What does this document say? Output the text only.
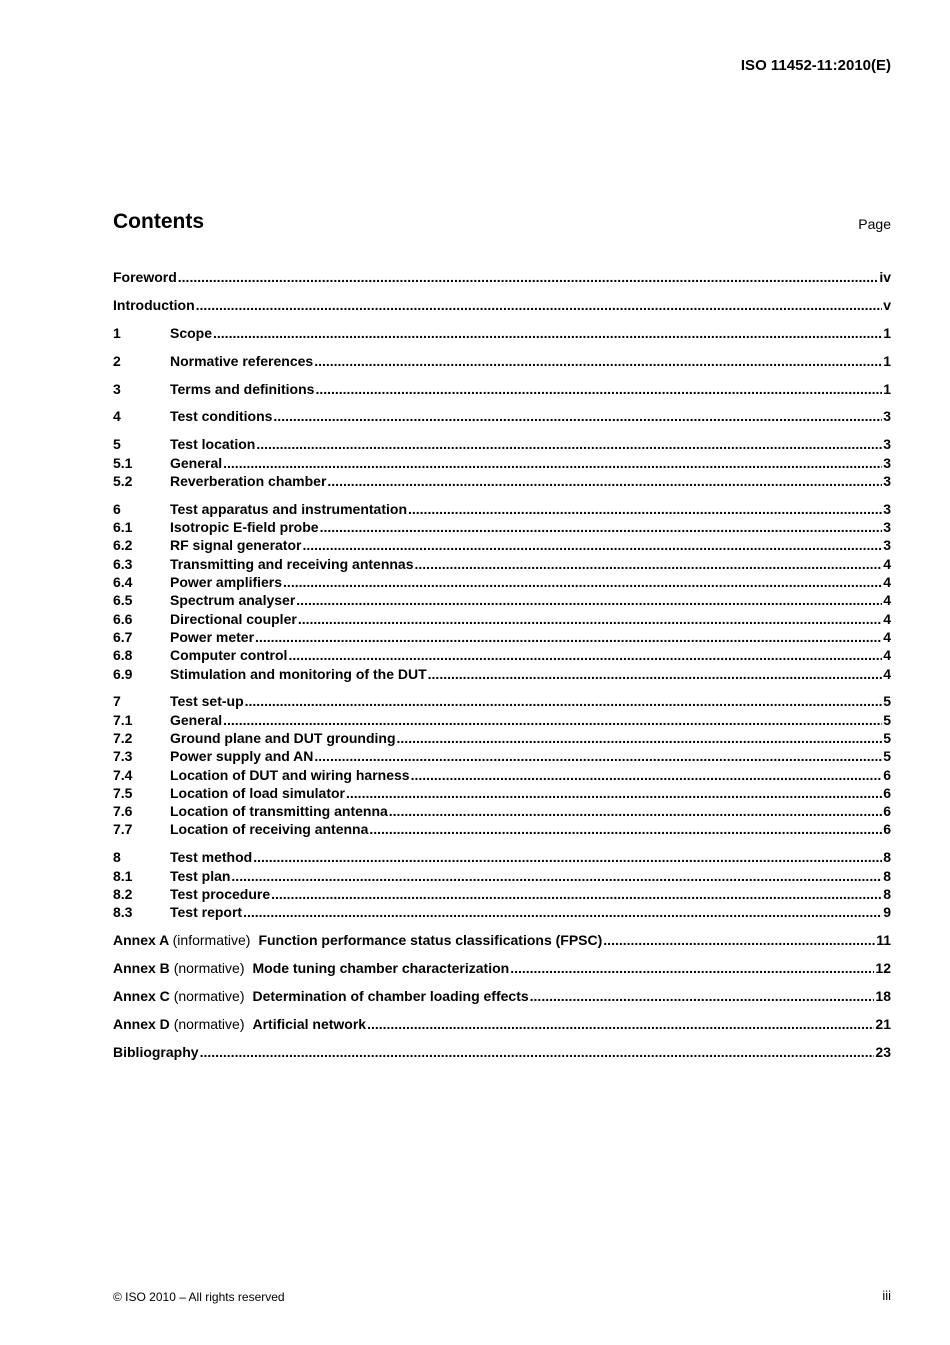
ISO 11452-11:2010(E)
Contents	Page
Foreword .....	iv
Introduction .....	v
1	Scope .....	1
2	Normative references .....	1
3	Terms and definitions .....	1
4	Test conditions .....	3
5	Test location .....	3
5.1	General .....	3
5.2	Reverberation chamber .....	3
6	Test apparatus and instrumentation .....	3
6.1	Isotropic E-field probe .....	3
6.2	RF signal generator .....	3
6.3	Transmitting and receiving antennas .....	4
6.4	Power amplifiers .....	4
6.5	Spectrum analyser .....	4
6.6	Directional coupler .....	4
6.7	Power meter .....	4
6.8	Computer control .....	4
6.9	Stimulation and monitoring of the DUT .....	4
7	Test set-up .....	5
7.1	General .....	5
7.2	Ground plane and DUT grounding .....	5
7.3	Power supply and AN .....	5
7.4	Location of DUT and wiring harness .....	6
7.5	Location of load simulator .....	6
7.6	Location of transmitting antenna .....	6
7.7	Location of receiving antenna .....	6
8	Test method .....	8
8.1	Test plan .....	8
8.2	Test procedure .....	8
8.3	Test report .....	9
Annex A (informative) Function performance status classifications (FPSC) .....	11
Annex B (normative) Mode tuning chamber characterization .....	12
Annex C (normative) Determination of chamber loading effects .....	18
Annex D (normative) Artificial network .....	21
Bibliography .....	23
© ISO 2010 – All rights reserved	iii
